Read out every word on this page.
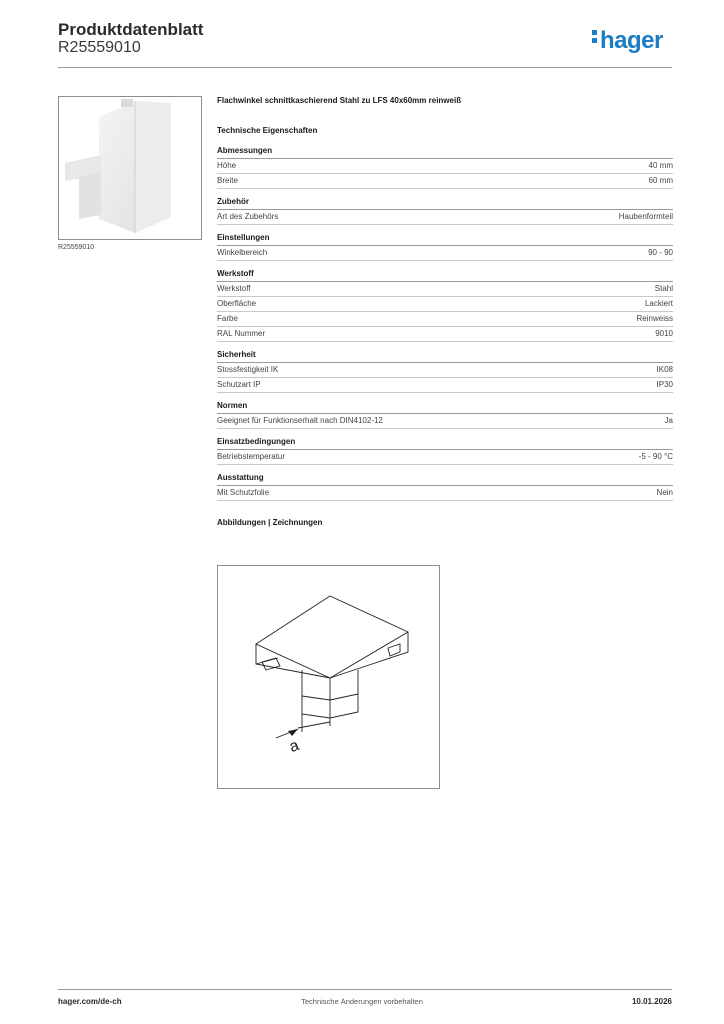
Produktdatenblatt
R25559010	hager
R25559010
Flachwinkel schnittkaschierend Stahl zu LFS 40x60mm reinweiß
Technische Eigenschaften
Abmessungen
Höhe	40 mm
Breite	60 mm
Zubehör
Art des Zubehörs	Haubenformteil
Einstellungen
Winkelbereich	90 - 90
Werkstoff
Werkstoff	Stahl
Oberfläche	Lackiert
Farbe	Reinweiss
RAL Nummer	9010
Sicherheit
Stossfestigkeit IK	IK08
Schutzart IP	IP30
Normen
Geeignet für Funktionserhalt nach DIN4102-12	Ja
Einsatzbedingungen
Betriebstemperatur	-5 - 90 °C
Ausstattung
Mit Schutzfolie	Nein
Abbildungen | Zeichnungen
a
Technische Änderungen vorbehalten
hager.com/de-ch	10.01.2026
